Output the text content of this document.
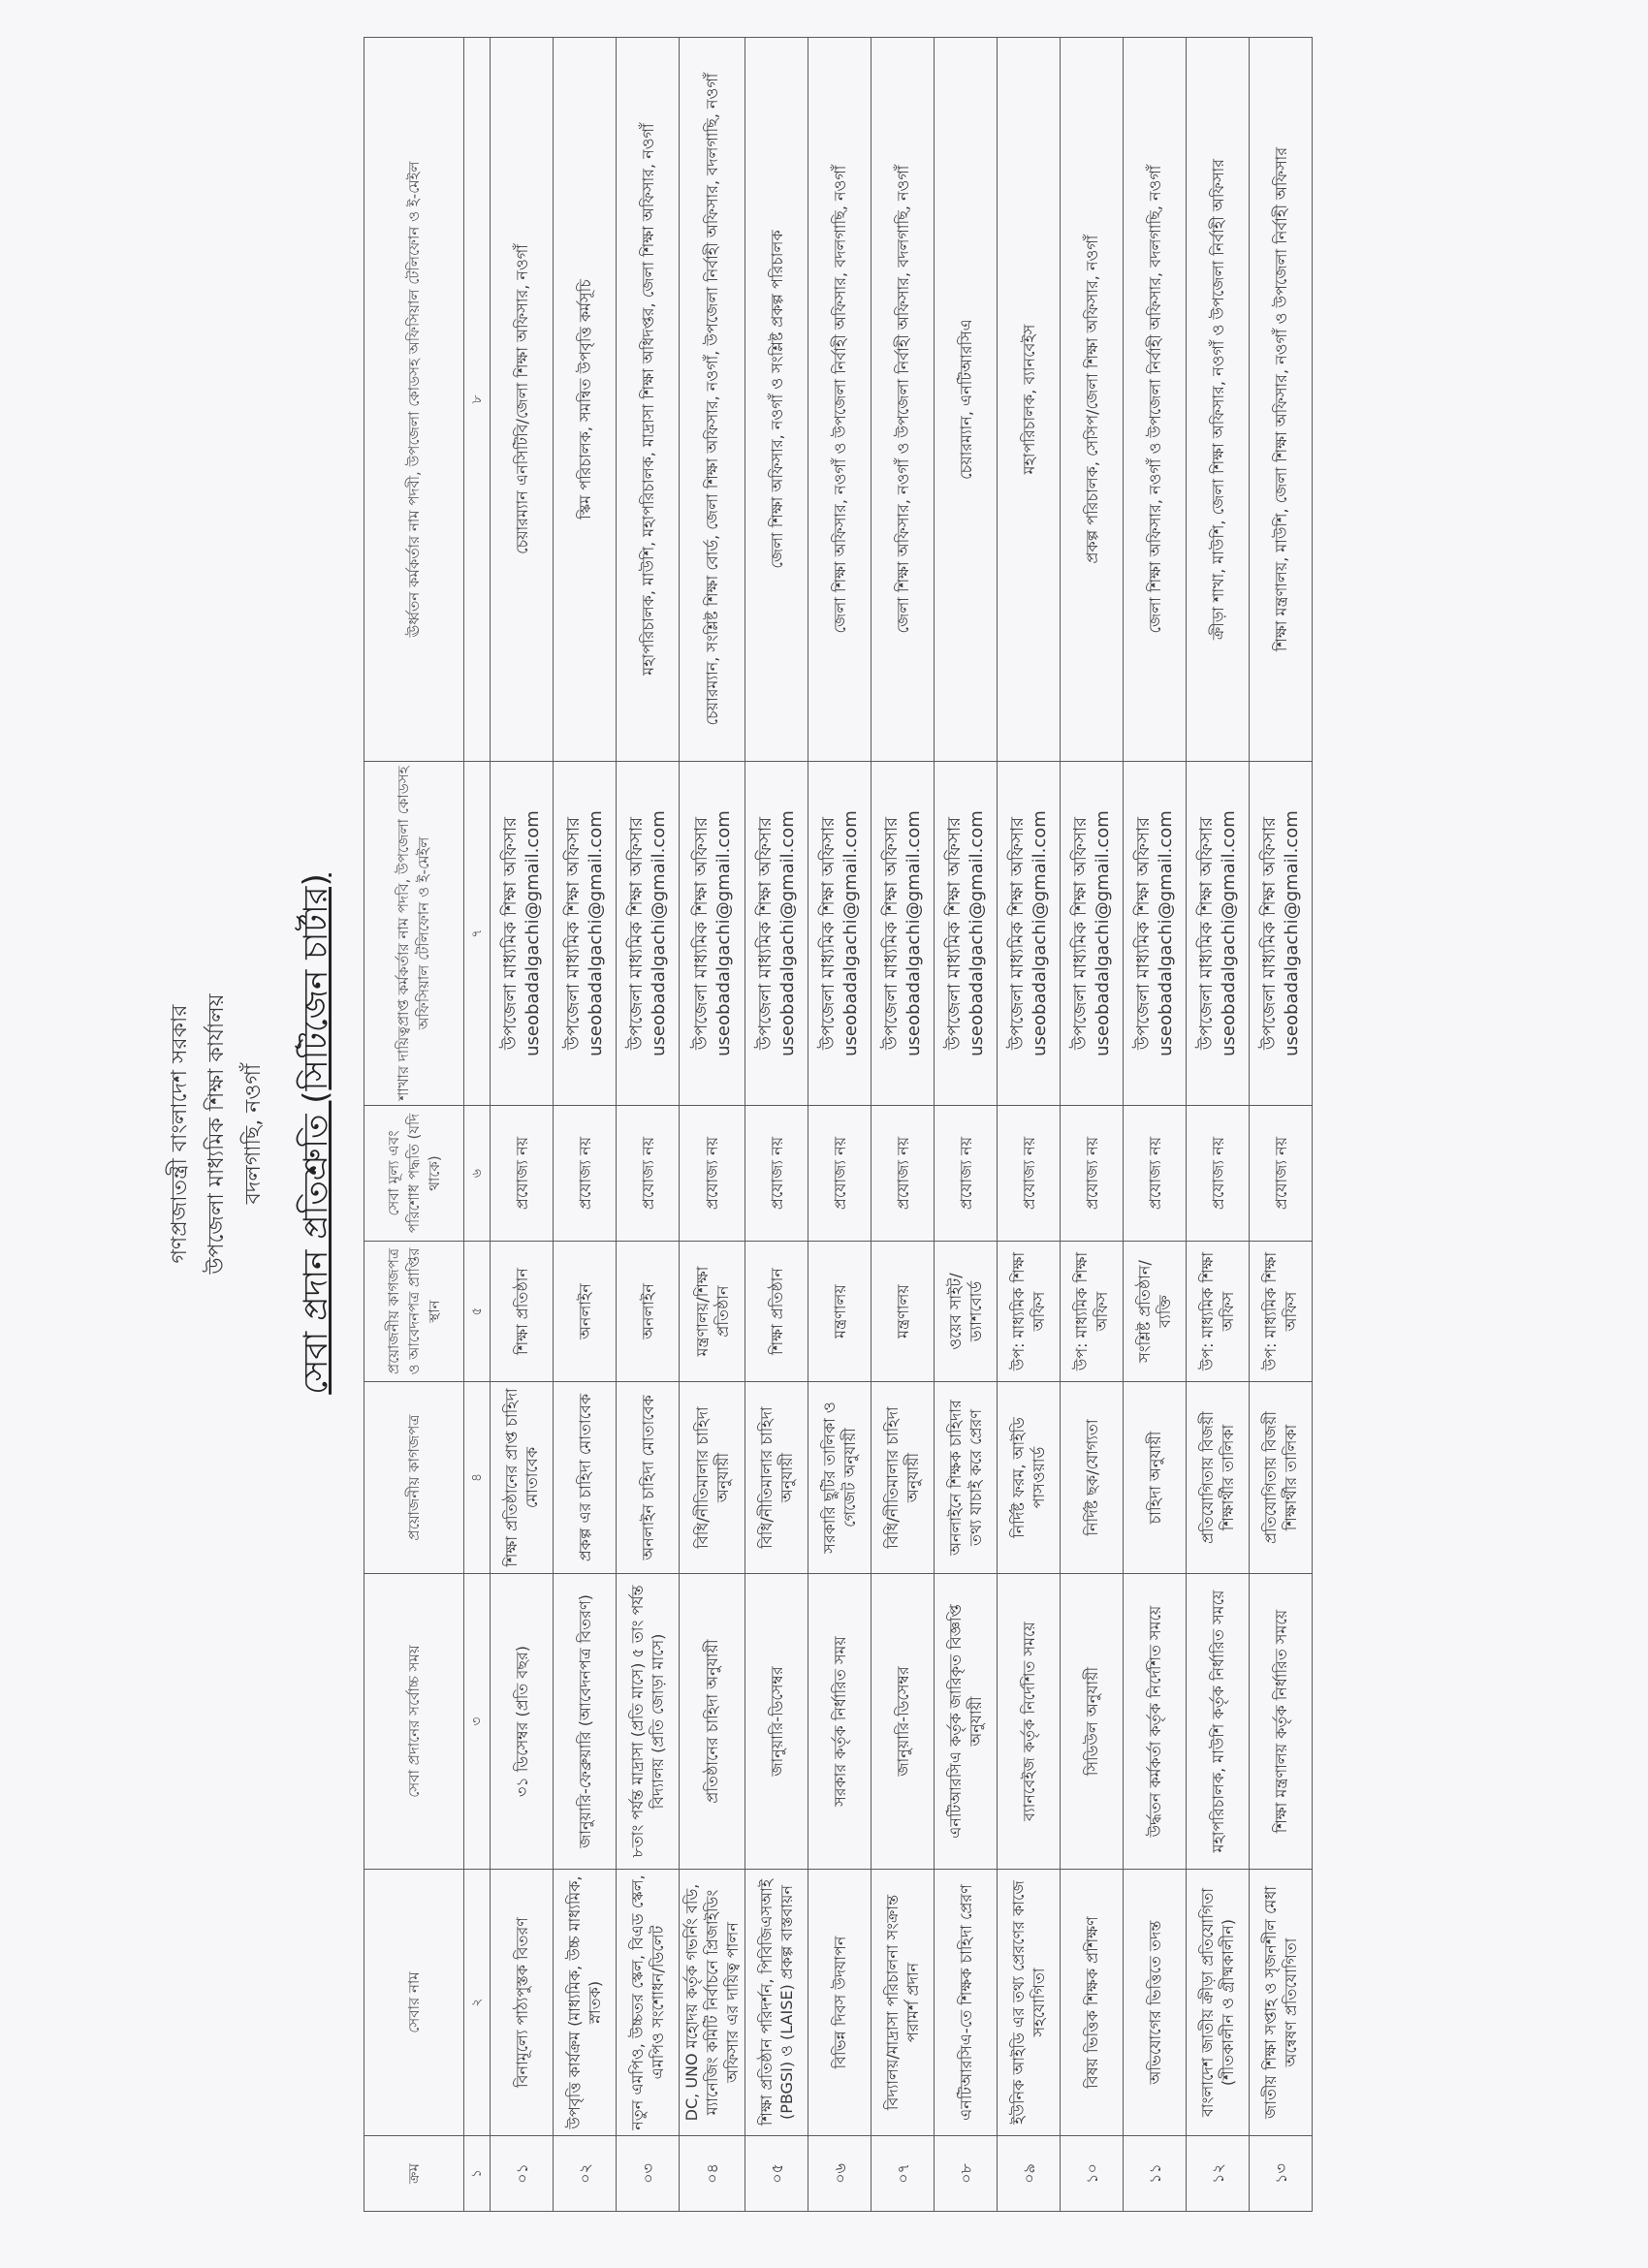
গণপ্রজাতন্ত্রী বাংলাদেশ সরকার উপজেলা মাধ্যমিক শিক্ষা কার্যালয় বদলগাছি, নওগাঁ সেবা প্রদান প্রতিশ্রুতি (সিটিজেন চার্টার)
ক্রম	সেবার নাম	সেবা প্রদানের সর্বোচ্চ সময়	প্রয়োজনীয় কাগজপত্র	প্রয়োজনীয় কাগজপত্র ও আবেদনপত্র প্রাপ্তির স্থান	সেবা মূল্য এবং পরিশোধ পদ্ধতি (যদি থাকে)	শাখার দায়িত্বপ্রাপ্ত কর্মকর্তার নাম পদবি, উপজেলা কোডসহ অফিসিয়াল টেলিফোন ও ই-মেইল	ঊর্ধ্বতন কর্মকর্তার নাম পদবী, উপজেলা কোডসহ অফিসিয়াল টেলিফোন ও ই-মেইল
১	২	৩	৪	৫	৬	৭	৮
০১	বিনামূল্যে পাঠ্যপুস্তক বিতরণ	৩১ ডিসেম্বর (প্রতি বছর)	শিক্ষা প্রতিষ্ঠানের প্রাপ্ত চাহিদা মোতাবেক	শিক্ষা প্রতিষ্ঠান	প্রযোজ্য নয়	উপজেলা মাধ্যমিক শিক্ষা অফিসার useobadalgachi@gmail.com	চেয়ারম্যান এনসিটিবি/জেলা শিক্ষা অফিসার, নওগাঁ
০২	উপবৃত্তি কার্যক্রম (মাধ্যমিক, উচ্চ মাধ্যমিক, স্নাতক)	জানুয়ারি-ফেব্রুয়ারি (আবেদনপত্র বিতরণ)	প্রকল্প এর চাহিদা মোতাবেক	অনলাইন	প্রযোজ্য নয়	উপজেলা মাধ্যমিক শিক্ষা অফিসার useobadalgachi@gmail.com	স্কিম পরিচালক, সমন্বিত উপবৃত্তি কর্মসূচি
০৩	নতুন এমপিও, উচ্চতর স্কেল, বিএড স্কেল, এমপিও সংশোধন/ডিলেট	৮তাং পর্যন্ত মাদ্রাসা (প্রতি মাসে) ৫ তাং পর্যন্ত বিদ্যালয় (প্রতি জোড়া মাসে)	অনলাইন চাহিদা মোতাবেক	অনলাইন	প্রযোজ্য নয়	উপজেলা মাধ্যমিক শিক্ষা অফিসার useobadalgachi@gmail.com	মহাপরিচালক, মাউশি, মহাপরিচালক, মাদ্রাসা শিক্ষা অধিদপ্তর, জেলা শিক্ষা অফিসার, নওগাঁ
০৪	DC, UNO মহোদয় কর্তৃক গভর্নিং বডি, ম্যানেজিং কমিটি নির্বাচনে প্রিজাইডিং অফিসার এর দায়িত্ব পালন	প্রতিষ্ঠানের চাহিদা অনুযায়ী	বিধি/নীতিমালার চাহিদা অনুযায়ী	মন্ত্রণালয়/শিক্ষা প্রতিষ্ঠান	প্রযোজ্য নয়	উপজেলা মাধ্যমিক শিক্ষা অফিসার useobadalgachi@gmail.com	চেয়ারম্যান, সংশ্লিষ্ট শিক্ষা বোর্ড, জেলা শিক্ষা অফিসার, নওগাঁ, উপজেলা নির্বাহী অফিসার, বদলগাছি, নওগাঁ
০৫	শিক্ষা প্রতিষ্ঠান পরিদর্শন, পিবিজিএসআই (PBGSI) ও (LAISE) প্রকল্প বাস্তবায়ন	জানুয়ারি-ডিসেম্বর	বিধি/নীতিমালার চাহিদা অনুযায়ী	শিক্ষা প্রতিষ্ঠান	প্রযোজ্য নয়	উপজেলা মাধ্যমিক শিক্ষা অফিসার useobadalgachi@gmail.com	জেলা শিক্ষা অফিসার, নওগাঁ ও সংশ্লিষ্ট প্রকল্প পরিচালক
০৬	বিভিন্ন দিবস উদযাপন	সরকার কর্তৃক নির্ধারিত সময়	সরকারি ছুটির তালিকা ও গেজেট অনুযায়ী	মন্ত্রণালয়	প্রযোজ্য নয়	উপজেলা মাধ্যমিক শিক্ষা অফিসার useobadalgachi@gmail.com	জেলা শিক্ষা অফিসার, নওগাঁ ও উপজেলা নির্বাহী অফিসার, বদলগাছি, নওগাঁ
০৭	বিদ্যালয়/মাদ্রাসা পরিচালনা সংক্রান্ত পরামর্শ প্রদান	জানুয়ারি-ডিসেম্বর	বিধি/নীতিমালার চাহিদা অনুযায়ী	মন্ত্রণালয়	প্রযোজ্য নয়	উপজেলা মাধ্যমিক শিক্ষা অফিসার useobadalgachi@gmail.com	জেলা শিক্ষা অফিসার, নওগাঁ ও উপজেলা নির্বাহী অফিসার, বদলগাছি, নওগাঁ
০৮	এনটিআরসিএ-তে শিক্ষক চাহিদা প্রেরণ	এনটিআরসিএ কর্তৃক জারিকৃত বিজ্ঞপ্তি অনুযায়ী	অনলাইনে শিক্ষক চাহিদার তথ্য যাচাই করে প্রেরণ	ওয়েব সাইট/ড্যাশবোর্ড	প্রযোজ্য নয়	উপজেলা মাধ্যমিক শিক্ষা অফিসার useobadalgachi@gmail.com	চেয়ারম্যান, এনটিআরসিএ
০৯	ইউনিক আইডি এর তথ্য প্রেরণের কাজে সহযোগিতা	ব্যানবেইজ কর্তৃক নির্দেশিত সময়ে	নির্দিষ্ট ফরম, আইডি পাসওয়ার্ড	উপ: মাধ্যমিক শিক্ষা অফিস	প্রযোজ্য নয়	উপজেলা মাধ্যমিক শিক্ষা অফিসার useobadalgachi@gmail.com	মহাপরিচালক, ব্যানবেইস
১০	বিষয় ভিত্তিক শিক্ষক প্রশিক্ষণ	সিডিউল অনুযায়ী	নির্দিষ্ট ছক/যোগ্যতা	উপ: মাধ্যমিক শিক্ষা অফিস	প্রযোজ্য নয়	উপজেলা মাধ্যমিক শিক্ষা অফিসার useobadalgachi@gmail.com	প্রকল্প পরিচালক, সেসিপ/জেলা শিক্ষা অফিসার, নওগাঁ
১১	অভিযোগের ভিত্তিতে তদন্ত	উর্দ্ধতন কর্মকর্তা কর্তৃক নির্দেশিত সময়ে	চাহিদা অনুযায়ী	সংশ্লিষ্ট প্রতিষ্ঠান/ব্যক্তি	প্রযোজ্য নয়	উপজেলা মাধ্যমিক শিক্ষা অফিসার useobadalgachi@gmail.com	জেলা শিক্ষা অফিসার, নওগাঁ ও উপজেলা নির্বাহী অফিসার, বদলগাছি, নওগাঁ
১২	বাংলাদেশ জাতীয় ক্রীড়া প্রতিযোগিতা (শীতকালীন ও গ্রীষ্মকালীন)	মহাপরিচালক, মাউশি কর্তৃক নির্ধারিত সময়ে	প্রতিযোগিতায় বিজয়ী শিক্ষার্থীর তালিকা	উপ: মাধ্যমিক শিক্ষা অফিস	প্রযোজ্য নয়	উপজেলা মাধ্যমিক শিক্ষা অফিসার useobadalgachi@gmail.com	ক্রীড়া শাখা, মাউশি, জেলা শিক্ষা অফিসার, নওগাঁ ও উপজেলা নির্বাহী অফিসার
১৩	জাতীয় শিক্ষা সপ্তাহ ও সৃজনশীল মেধা অন্বেষণ প্রতিযোগিতা	শিক্ষা মন্ত্রণালয় কর্তৃক নির্ধারিত সময়ে	প্রতিযোগিতায় বিজয়ী শিক্ষার্থীর তালিকা	উপ: মাধ্যমিক শিক্ষা অফিস	প্রযোজ্য নয়	উপজেলা মাধ্যমিক শিক্ষা অফিসার useobadalgachi@gmail.com	শিক্ষা মন্ত্রণালয়, মাউশি, জেলা শিক্ষা অফিসার, নওগাঁ ও উপজেলা নির্বাহী অফিসার
